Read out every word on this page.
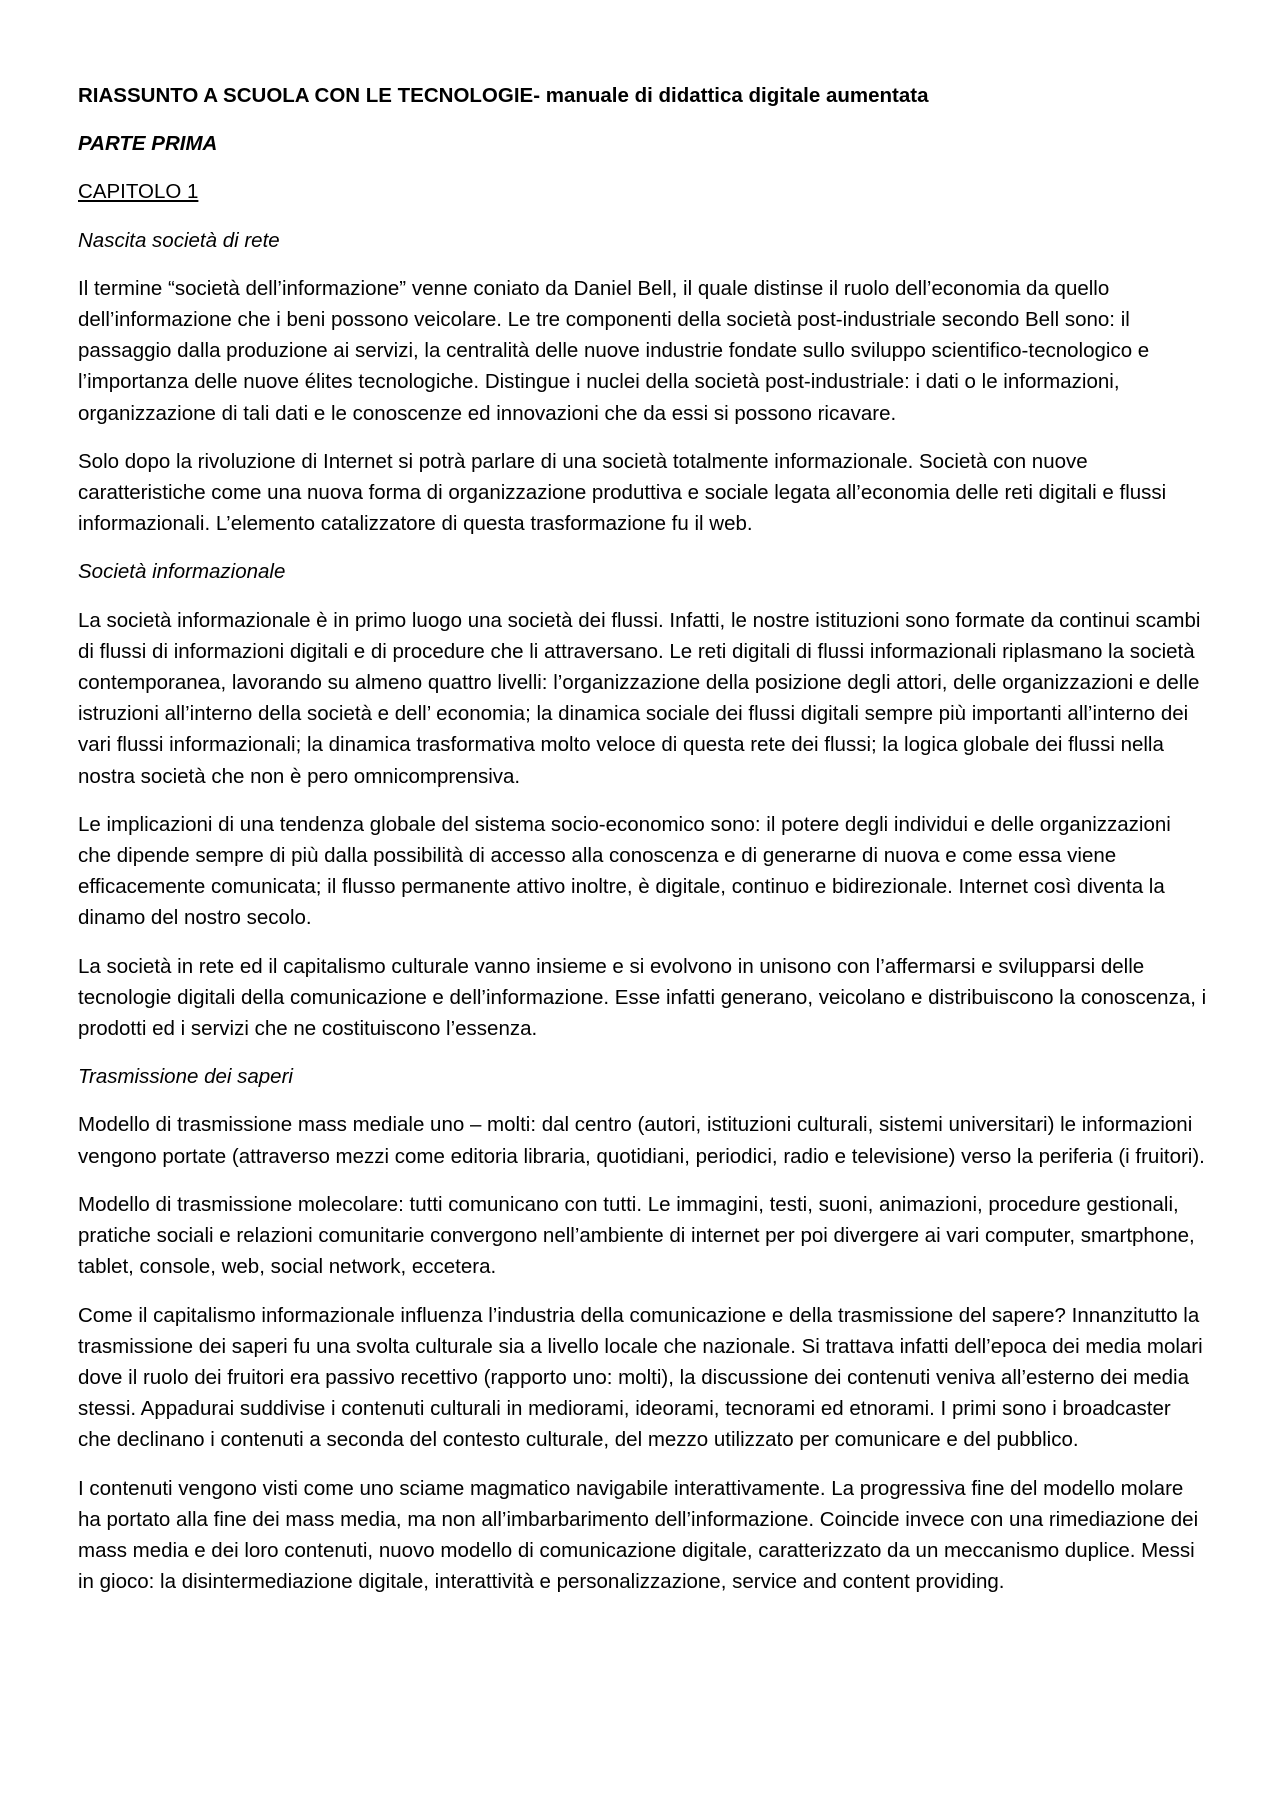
RIASSUNTO A SCUOLA CON LE TECNOLOGIE- manuale di didattica digitale aumentata

PARTE PRIMA

CAPITOLO 1

Nascita società di rete

Il termine “società dell’informazione” venne coniato da Daniel Bell, il quale distinse il ruolo dell’economia da quello dell’informazione che i beni possono veicolare. Le tre componenti della società post-industriale secondo Bell sono: il passaggio dalla produzione ai servizi, la centralità delle nuove industrie fondate sullo sviluppo scientifico-tecnologico e l’importanza delle nuove élites tecnologiche. Distingue i nuclei della società post-industriale: i dati o le informazioni, organizzazione di tali dati e le conoscenze ed innovazioni che da essi si possono ricavare.

Solo dopo la rivoluzione di Internet si potrà parlare di una società totalmente informazionale. Società con nuove caratteristiche come una nuova forma di organizzazione produttiva e sociale legata all’economia delle reti digitali e flussi informazionali. L’elemento catalizzatore di questa trasformazione fu il web.

Società informazionale

La società informazionale è in primo luogo una società dei flussi. Infatti, le nostre istituzioni sono formate da continui scambi di flussi di informazioni digitali e di procedure che li attraversano. Le reti digitali di flussi informazionali riplasmano la società contemporanea, lavorando su almeno quattro livelli: l’organizzazione della posizione degli attori, delle organizzazioni e delle istruzioni all’interno della società e dell’ economia; la dinamica sociale dei flussi digitali sempre più importanti all’interno dei vari flussi informazionali; la dinamica trasformativa molto veloce di questa rete dei flussi; la logica globale dei flussi nella nostra società che non è pero omnicomprensiva.

Le implicazioni di una tendenza globale del sistema socio-economico sono: il potere degli individui e delle organizzazioni che dipende sempre di più dalla possibilità di accesso alla conoscenza e di generarne di nuova e come essa viene efficacemente comunicata; il flusso permanente attivo inoltre, è digitale, continuo e bidirezionale. Internet così diventa la dinamo del nostro secolo.

La società in rete ed il capitalismo culturale vanno insieme e si evolvono in unisono con l’affermarsi e svilupparsi delle tecnologie digitali della comunicazione e dell’informazione. Esse infatti generano, veicolano e distribuiscono la conoscenza, i prodotti ed i servizi che ne costituiscono l’essenza.

Trasmissione dei saperi

Modello di trasmissione mass mediale uno – molti: dal centro (autori, istituzioni culturali, sistemi universitari) le informazioni vengono portate (attraverso mezzi come editoria libraria, quotidiani, periodici, radio e televisione) verso la periferia (i fruitori).

Modello di trasmissione molecolare: tutti comunicano con tutti. Le immagini, testi, suoni, animazioni, procedure gestionali, pratiche sociali e relazioni comunitarie convergono nell’ambiente di internet per poi divergere ai vari computer, smartphone, tablet, console, web, social network, eccetera.

Come il capitalismo informazionale influenza l’industria della comunicazione e della trasmissione del sapere? Innanzitutto la trasmissione dei saperi fu una svolta culturale sia a livello locale che nazionale. Si trattava infatti dell’epoca dei media molari dove il ruolo dei fruitori era passivo recettivo (rapporto uno: molti), la discussione dei contenuti veniva all’esterno dei media stessi. Appadurai suddivise i contenuti culturali in mediorami, ideorami, tecnorami ed etnorami. I primi sono i broadcaster che declinano i contenuti a seconda del contesto culturale, del mezzo utilizzato per comunicare e del pubblico.

I contenuti vengono visti come uno sciame magmatico navigabile interattivamente. La progressiva fine del modello molare ha portato alla fine dei mass media, ma non all’imbarbarimento dell’informazione. Coincide invece con una rimediazione dei mass media e dei loro contenuti, nuovo modello di comunicazione digitale, caratterizzato da un meccanismo duplice. Messi in gioco: la disintermediazione digitale, interattività e personalizzazione, service and content providing.
